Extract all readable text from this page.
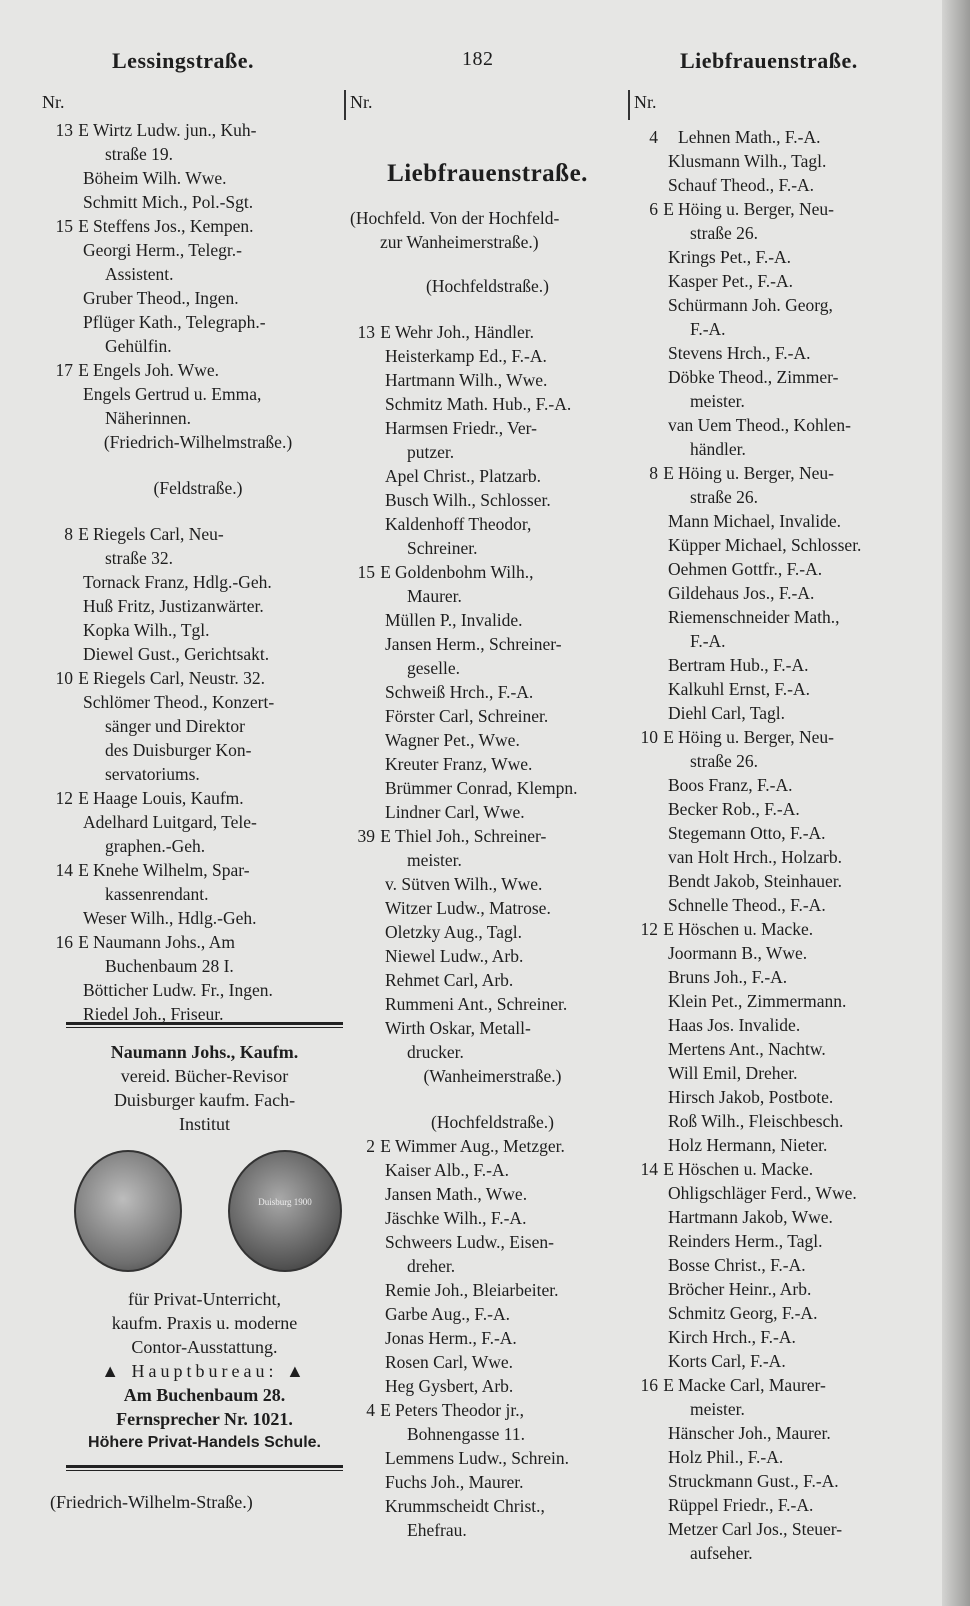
Lessingstraße.	182	Liebfrauenstraße.
Nr.	Nr.	Nr.
13 E Wirtz Ludw. jun., Kuh-
straße 19.
Böheim Wilh. Wwe.
Schmitt Mich., Pol.-Sgt.
15 E Steffens Jos., Kempen.
Georgi Herm., Telegr.-
Assistent.
Gruber Theod., Ingen.
Pflüger Kath., Telegraph.-
Gehülfin.
17 E Engels Joh. Wwe.
Engels Gertrud u. Emma,
Näherinnen.
(Friedrich-Wilhelmstraße.)
(Feldstraße.)
8 E Riegels Carl, Neu-
straße 32.
Tornack Franz, Hdlg.-Geh.
Huß Fritz, Justizanwärter.
Kopka Wilh., Tgl.
Diewel Gust., Gerichtsakt.
10 E Riegels Carl, Neustr. 32.
Schlömer Theod., Konzert-
sänger und Direktor
des Duisburger Kon-
servatoriums.
12 E Haage Louis, Kaufm.
Adelhard Luitgard, Tele-
graphen.-Geh.
14 E Knehe Wilhelm, Spar-
kassenrendant.
Weser Wilh., Hdlg.-Geh.
16 E Naumann Johs., Am
Buchenbaum 28 I.
Bötticher Ludw. Fr., Ingen.
Riedel Joh., Friseur.
Naumann Johs., Kaufm.
vereid. Bücher-Revisor
Duisburger kaufm. Fach-
Institut
Duisburg 1900
für Privat-Unterricht,
kaufm. Praxis u. moderne
Contor-Ausstattung.
▲ Hauptbureau: ▲
Am Buchenbaum 28.
Fernsprecher Nr. 1021.
Höhere Privat-Handels Schule.
(Friedrich-Wilhelm-Straße.)
Liebfrauenstraße.
(Hochfeld. Von der Hochfeld-
zur Wanheimerstraße.)
(Hochfeldstraße.)
13 E Wehr Joh., Händler.
Heisterkamp Ed., F.-A.
Hartmann Wilh., Wwe.
Schmitz Math. Hub., F.-A.
Harmsen Friedr., Ver-
putzer.
Apel Christ., Platzarb.
Busch Wilh., Schlosser.
Kaldenhoff Theodor,
Schreiner.
15 E Goldenbohm Wilh.,
Maurer.
Müllen P., Invalide.
Jansen Herm., Schreiner-
geselle.
Schweiß Hrch., F.-A.
Förster Carl, Schreiner.
Wagner Pet., Wwe.
Kreuter Franz, Wwe.
Brümmer Conrad, Klempn.
Lindner Carl, Wwe.
39 E Thiel Joh., Schreiner-
meister.
v. Sütven Wilh., Wwe.
Witzer Ludw., Matrose.
Oletzky Aug., Tagl.
Niewel Ludw., Arb.
Rehmet Carl, Arb.
Rummeni Ant., Schreiner.
Wirth Oskar, Metall-
drucker.
(Wanheimerstraße.)
(Hochfeldstraße.)
2 E Wimmer Aug., Metzger.
Kaiser Alb., F.-A.
Jansen Math., Wwe.
Jäschke Wilh., F.-A.
Schweers Ludw., Eisen-
dreher.
Remie Joh., Bleiarbeiter.
Garbe Aug., F.-A.
Jonas Herm., F.-A.
Rosen Carl, Wwe.
Heg Gysbert, Arb.
4 E Peters Theodor jr.,
Bohnengasse 11.
Lemmens Ludw., Schrein.
Fuchs Joh., Maurer.
Krummscheidt Christ.,
Ehefrau.
4 Lehnen Math., F.-A.
Klusmann Wilh., Tagl.
Schauf Theod., F.-A.
6 E Höing u. Berger, Neu-
straße 26.
Krings Pet., F.-A.
Kasper Pet., F.-A.
Schürmann Joh. Georg,
F.-A.
Stevens Hrch., F.-A.
Döbke Theod., Zimmer-
meister.
van Uem Theod., Kohlen-
händler.
8 E Höing u. Berger, Neu-
straße 26.
Mann Michael, Invalide.
Küpper Michael, Schlosser.
Oehmen Gottfr., F.-A.
Gildehaus Jos., F.-A.
Riemenschneider Math.,
F.-A.
Bertram Hub., F.-A.
Kalkuhl Ernst, F.-A.
Diehl Carl, Tagl.
10 E Höing u. Berger, Neu-
straße 26.
Boos Franz, F.-A.
Becker Rob., F.-A.
Stegemann Otto, F.-A.
van Holt Hrch., Holzarb.
Bendt Jakob, Steinhauer.
Schnelle Theod., F.-A.
12 E Höschen u. Macke.
Joormann B., Wwe.
Bruns Joh., F.-A.
Klein Pet., Zimmermann.
Haas Jos. Invalide.
Mertens Ant., Nachtw.
Will Emil, Dreher.
Hirsch Jakob, Postbote.
Roß Wilh., Fleischbesch.
Holz Hermann, Nieter.
14 E Höschen u. Macke.
Ohligschläger Ferd., Wwe.
Hartmann Jakob, Wwe.
Reinders Herm., Tagl.
Bosse Christ., F.-A.
Bröcher Heinr., Arb.
Schmitz Georg, F.-A.
Kirch Hrch., F.-A.
Korts Carl, F.-A.
16 E Macke Carl, Maurer-
meister.
Hänscher Joh., Maurer.
Holz Phil., F.-A.
Struckmann Gust., F.-A.
Rüppel Friedr., F.-A.
Metzer Carl Jos., Steuer-
aufseher.
